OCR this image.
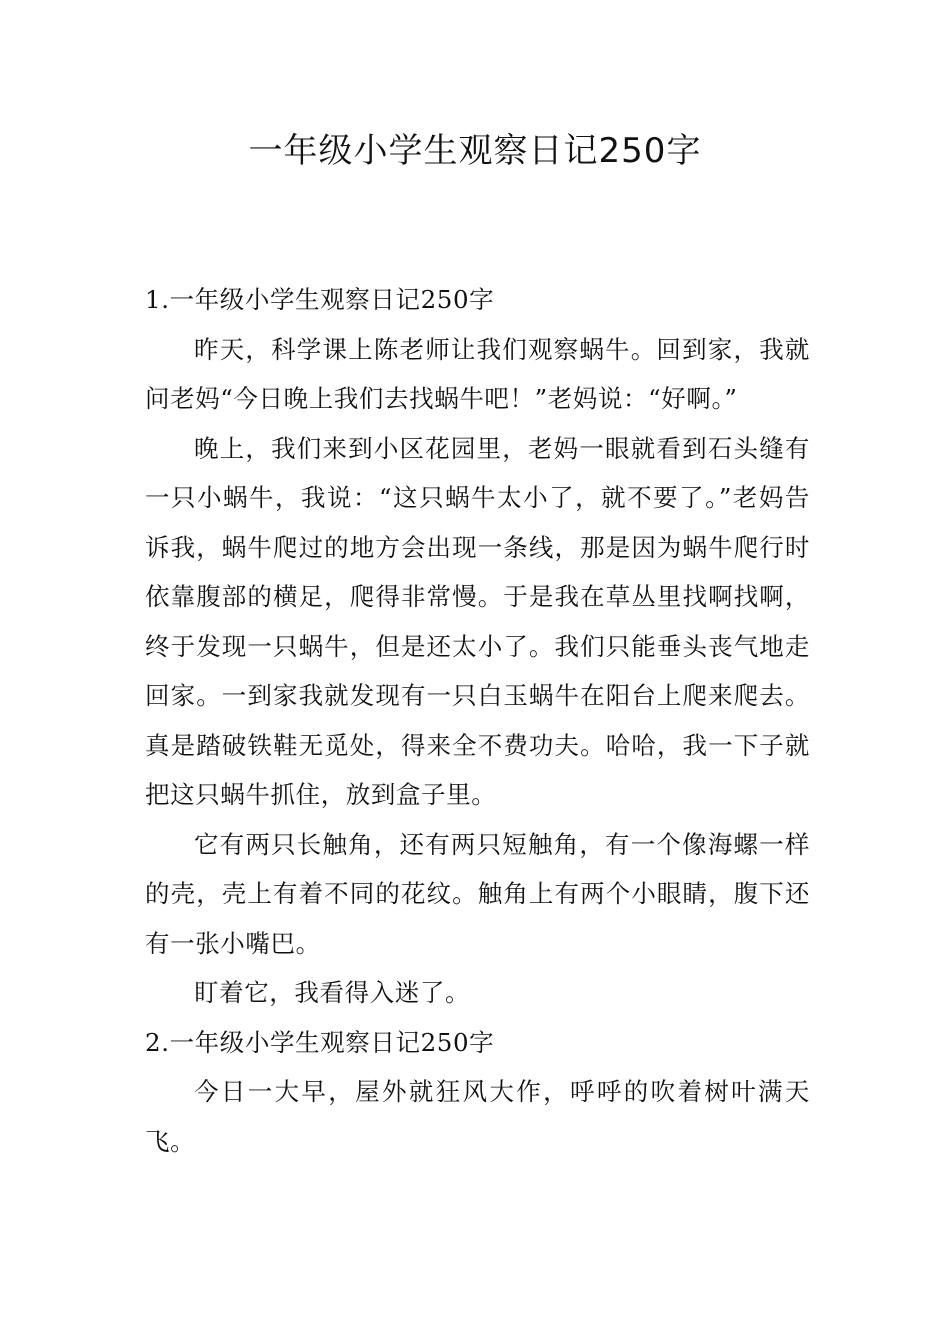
一年级小学生观察日记250字
1.一年级小学生观察日记250字

昨天，科学课上陈老师让我们观察蜗牛。回到家，我就问老妈“今日晚上我们去找蜗牛吧！”老妈说：“好啊。”

晚上，我们来到小区花园里，老妈一眼就看到石头缝有一只小蜗牛，我说：“这只蜗牛太小了，就不要了。”老妈告诉我，蜗牛爬过的地方会出现一条线，那是因为蜗牛爬行时依靠腹部的横足，爬得非常慢。于是我在草丛里找啊找啊，终于发现一只蜗牛，但是还太小了。我们只能垂头丧气地走回家。一到家我就发现有一只白玉蜗牛在阳台上爬来爬去。真是踏破铁鞋无觅处，得来全不费功夫。哈哈，我一下子就把这只蜗牛抓住，放到盒子里。

它有两只长触角，还有两只短触角，有一个像海螺一样的壳，壳上有着不同的花纹。触角上有两个小眼睛，腹下还有一张小嘴巴。

盯着它，我看得入迷了。

2.一年级小学生观察日记250字

今日一大早，屋外就狂风大作，呼呼的吹着树叶满天飞。
